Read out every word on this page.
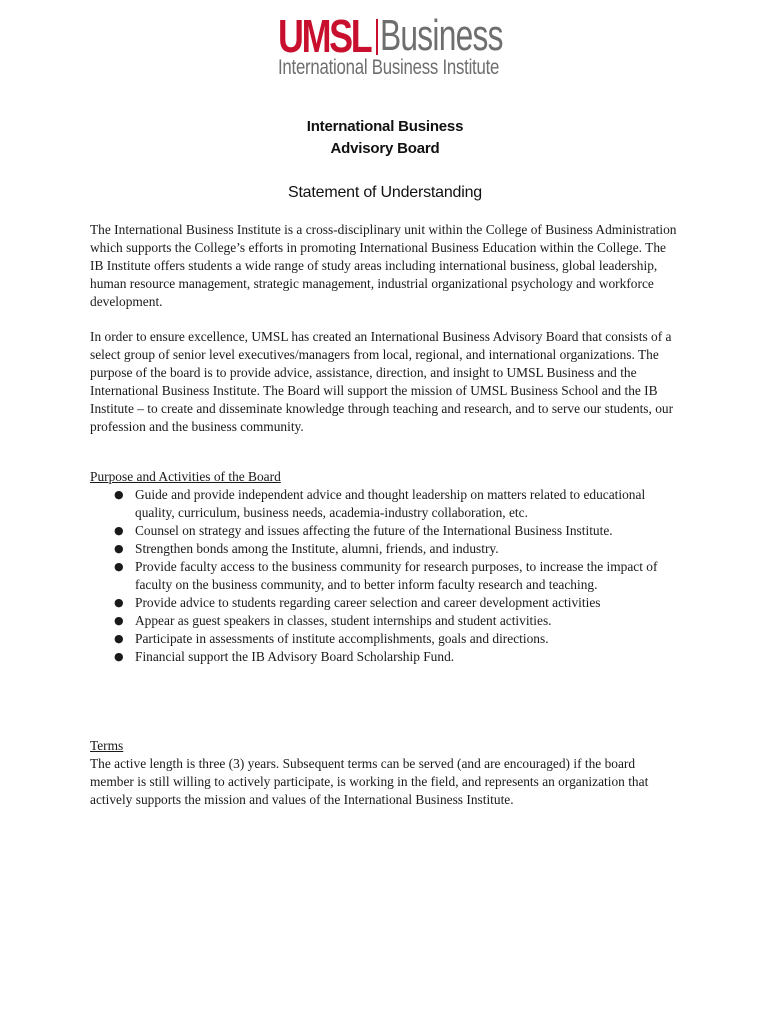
UMSL Business
International Business Institute
International Business
Advisory Board
Statement of Understanding

The International Business Institute is a cross-disciplinary unit within the College of Business Administration which supports the College’s efforts in promoting International Business Education within the College. The IB Institute offers students a wide range of study areas including international business, global leadership, human resource management, strategic management, industrial organizational psychology and workforce development.

In order to ensure excellence, UMSL has created an International Business Advisory Board that consists of a select group of senior level executives/managers from local, regional, and international organizations. The purpose of the board is to provide advice, assistance, direction, and insight to UMSL Business and the International Business Institute. The Board will support the mission of UMSL Business School and the IB Institute – to create and disseminate knowledge through teaching and research, and to serve our students, our profession and the business community.

Purpose and Activities of the Board

● Guide and provide independent advice and thought leadership on matters related to educational quality, curriculum, business needs, academia-industry collaboration, etc.
● Counsel on strategy and issues affecting the future of the International Business Institute.
● Strengthen bonds among the Institute, alumni, friends, and industry.
● Provide faculty access to the business community for research purposes, to increase the impact of faculty on the business community, and to better inform faculty research and teaching.
● Provide advice to students regarding career selection and career development activities
● Appear as guest speakers in classes, student internships and student activities.
● Participate in assessments of institute accomplishments, goals and directions.
● Financial support the IB Advisory Board Scholarship Fund.

Terms

The active length is three (3) years. Subsequent terms can be served (and are encouraged) if the board member is still willing to actively participate, is working in the field, and represents an organization that actively supports the mission and values of the International Business Institute.
